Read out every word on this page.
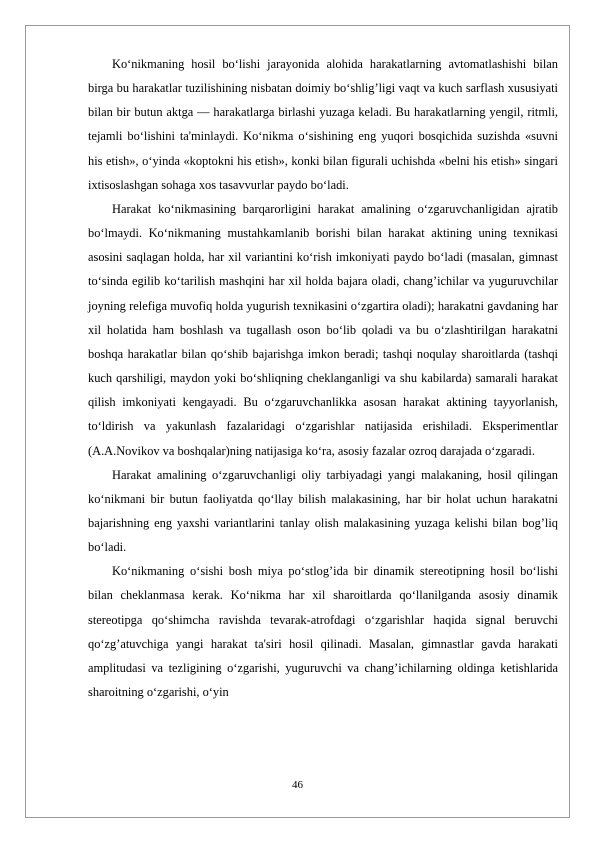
Ko‘nikmaning hosil bo‘lishi jarayonida alohida harakatlarning avtomatlashishi bilan birga bu harakatlar tuzilishining nisbatan doimiy bo‘shlig’ligi vaqt va kuch sarflash xususiyati bilan bir butun aktga — harakatlarga birlashi yuzaga keladi. Bu harakatlarning yengil, ritmli, tejamli bo‘lishini ta'minlaydi. Ko‘nikma o‘sishining eng yuqori bosqichida suzishda «suvni his etish», o‘yinda «koptokni his etish», konki bilan figurali uchishda «belni his etish» singari ixtisoslashgan sohaga xos tasavvurlar paydo bo‘ladi.

Harakat ko‘nikmasining barqarorligini harakat amalining o‘zgaruvchanligidan ajratib bo‘lmaydi. Ko‘nikmaning mustahkamlanib borishi bilan harakat aktining uning texnikasi asosini saqlagan holda, har xil variantini ko‘rish imkoniyati paydo bo‘ladi (masalan, gimnast to‘sinda egilib ko‘tarilish mashqini har xil holda bajara oladi, chang’ichilar va yuguruvchilar joyning relefiga muvofiq holda yugurish texnikasini o‘zgartira oladi); harakatni gavdaning har xil holatida ham boshlash va tugallash oson bo‘lib qoladi va bu o‘zlashtirilgan harakatni boshqa harakatlar bilan qo‘shib bajarishga imkon beradi; tashqi noqulay sharoitlarda (tashqi kuch qarshiligi, maydon yoki bo‘shliqning cheklanganligi va shu kabilarda) samarali harakat qilish imkoniyati kengayadi. Bu o‘zgaruvchanlikka asosan harakat aktining tayyorlanish, to‘ldirish va yakunlash fazalaridagi o‘zgarishlar natijasida erishiladi. Eksperimentlar (A.A.Novikov va boshqalar)ning natijasiga ko‘ra, asosiy fazalar ozroq darajada o‘zgaradi.

Harakat amalining o‘zgaruvchanligi oliy tarbiyadagi yangi malakaning, hosil qilingan ko‘nikmani bir butun faoliyatda qo‘llay bilish malakasining, har bir holat uchun harakatni bajarishning eng yaxshi variantlarini tanlay olish malakasining yuzaga kelishi bilan bog’liq bo‘ladi.

Ko‘nikmaning o‘sishi bosh miya po‘stlog’ida bir dinamik stereotipning hosil bo‘lishi bilan cheklanmasa kerak. Ko‘nikma har xil sharoitlarda qo‘llanilganda asosiy dinamik stereotipga qo‘shimcha ravishda tevarak-atrofdagi o‘zgarishlar haqida signal beruvchi qo‘zg’atuvchiga yangi harakat ta'siri hosil qilinadi. Masalan, gimnastlar gavda harakati amplitudasi va tezligining o‘zgarishi, yuguruvchi va chang’ichilarning oldinga ketishlarida sharoitning o‘zgarishi, o‘yin

46
